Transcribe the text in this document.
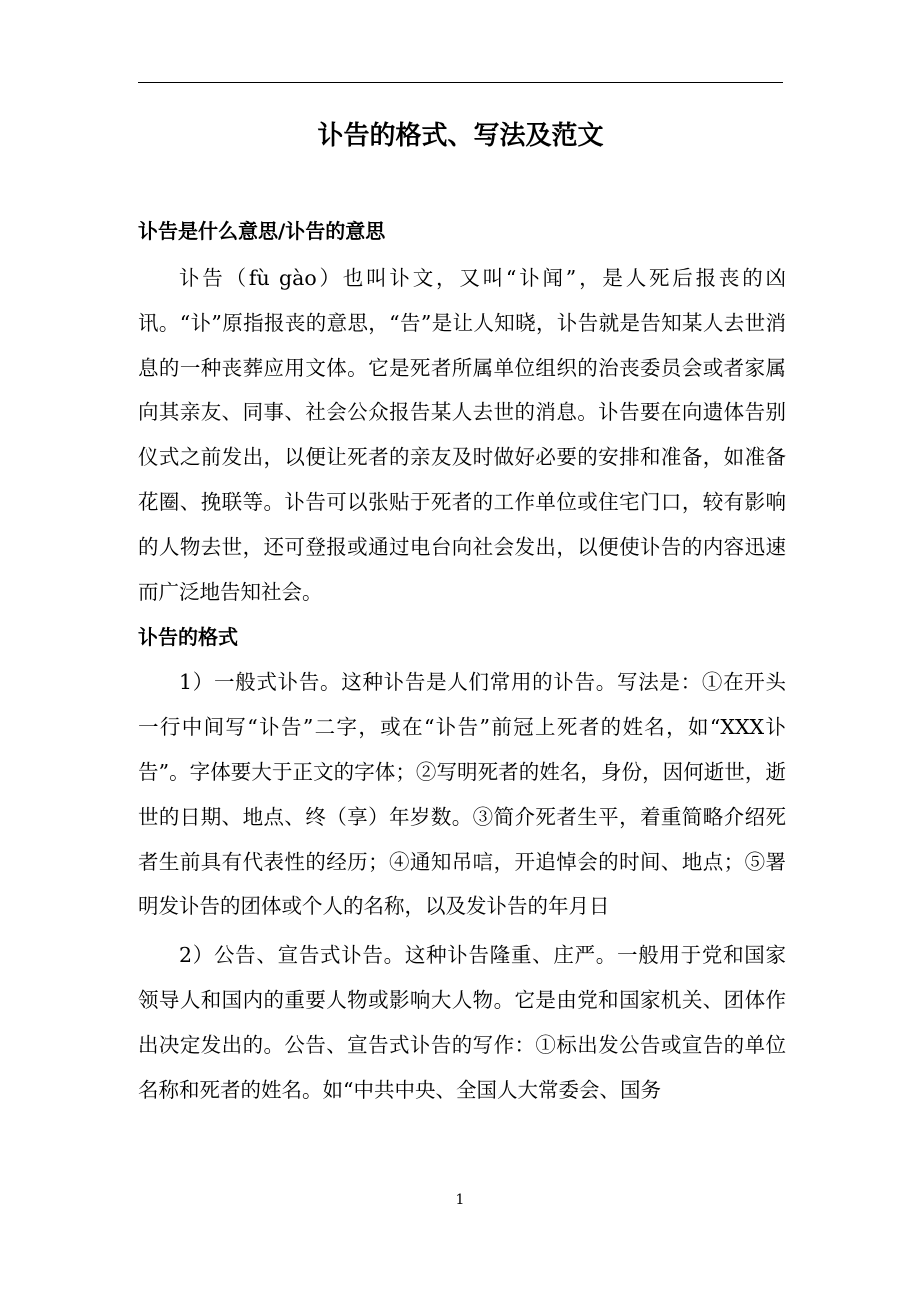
讣告的格式、写法及范文
讣告是什么意思/讣告的意思

讣告（fù gào）也叫讣文，又叫“讣闻”，是人死后报丧的凶讯。“讣”原指报丧的意思，“告”是让人知晓，讣告就是告知某人去世消息的一种丧葬应用文体。它是死者所属单位组织的治丧委员会或者家属向其亲友、同事、社会公众报告某人去世的消息。讣告要在向遗体告别仪式之前发出，以便让死者的亲友及时做好必要的安排和准备，如准备花圈、挽联等。讣告可以张贴于死者的工作单位或住宅门口，较有影响的人物去世，还可登报或通过电台向社会发出，以便使讣告的内容迅速而广泛地告知社会。

讣告的格式

1）一般式讣告。这种讣告是人们常用的讣告。写法是：①在开头一行中间写“讣告”二字，或在“讣告”前冠上死者的姓名，如“XXX讣告”。字体要大于正文的字体；②写明死者的姓名，身份，因何逝世，逝世的日期、地点、终（享）年岁数。③简介死者生平，着重简略介绍死者生前具有代表性的经历；④通知吊唁，开追悼会的时间、地点；⑤署明发讣告的团体或个人的名称，以及发讣告的年月日

2）公告、宣告式讣告。这种讣告隆重、庄严。一般用于党和国家领导人和国内的重要人物或影响大人物。它是由党和国家机关、团体作出决定发出的。公告、宣告式讣告的写作：①标出发公告或宣告的单位名称和死者的姓名。如“中共中央、全国人大常委会、国务

1
